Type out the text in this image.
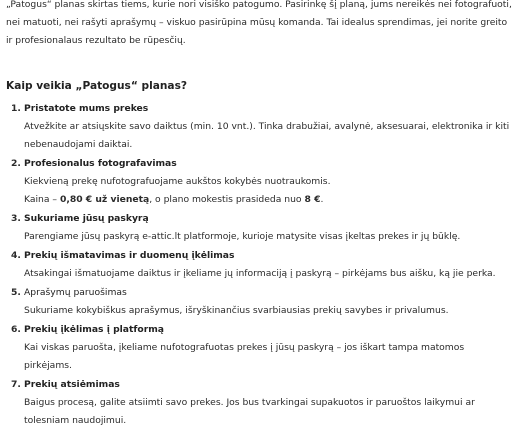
„Patogus“ planas skirtas tiems, kurie nori visiško patogumo. Pasirinkę šį planą, jums nereikės nei fotografuoti,
nei matuoti, nei rašyti aprašymų – viskuo pasirūpina mūsų komanda. Tai idealus sprendimas, jei norite greito
ir profesionalaus rezultato be rūpesčių.

Kaip veikia „Patogus“ planas?
1. Pristatote mums prekes
Atvežkite ar atsiųskite savo daiktus (min. 10 vnt.). Tinka drabužiai, avalynė, aksesuarai, elektronika ir kiti
nebenaudojami daiktai.
2. Profesionalus fotografavimas
Kiekvieną prekę nufotografuojame aukštos kokybės nuotraukomis.
Kaina – 0,80 € už vienetą, o plano mokestis prasideda nuo 8 €.
3. Sukuriame jūsų paskyrą
Parengiame jūsų paskyrą e-attic.lt platformoje, kurioje matysite visas įkeltas prekes ir jų būklę.
4. Prekių išmatavimas ir duomenų įkėlimas
Atsakingai išmatuojame daiktus ir įkeliame jų informaciją į paskyrą – pirkėjams bus aišku, ką jie perka.
5. Aprašymų paruošimas
Sukuriame kokybiškus aprašymus, išryškinančius svarbiausias prekių savybes ir privalumus.
6. Prekių įkėlimas į platformą
Kai viskas paruošta, įkeliame nufotografuotas prekes į jūsų paskyrą – jos iškart tampa matomos
pirkėjams.
7. Prekių atsiėmimas
Baigus procesą, galite atsiimti savo prekes. Jos bus tvarkingai supakuotos ir paruoštos laikymui ar
tolesniam naudojimui.
